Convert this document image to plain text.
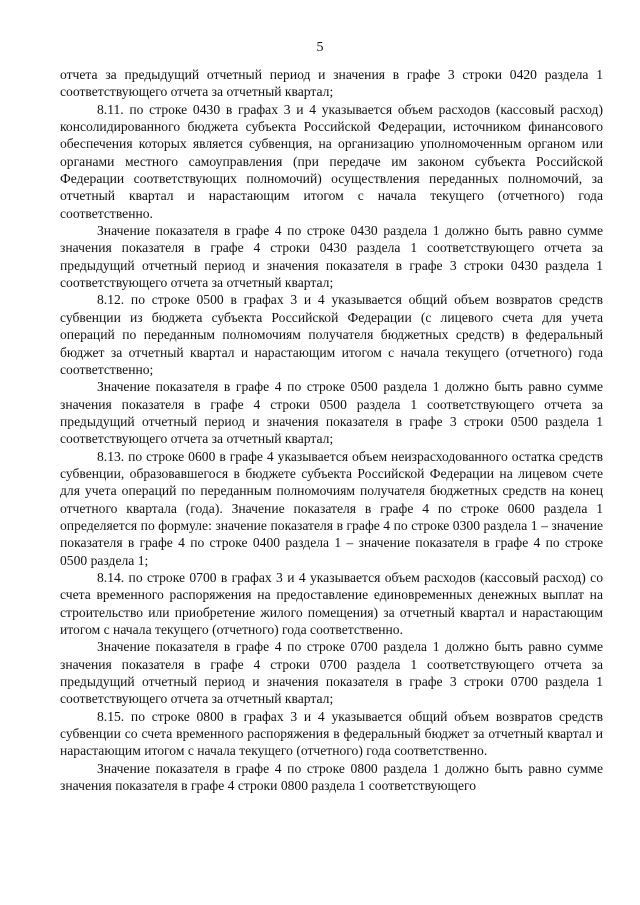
5

отчета за предыдущий отчетный период и значения в графе 3 строки 0420 раздела 1 соответствующего отчета за отчетный квартал;

8.11. по строке 0430 в графах 3 и 4 указывается объем расходов (кассовый расход) консолидированного бюджета субъекта Российской Федерации, источником финансового обеспечения которых является субвенция, на организацию уполномоченным органом или органами местного самоуправления (при передаче им законом субъекта Российской Федерации соответствующих полномочий) осуществления переданных полномочий, за отчетный квартал и нарастающим итогом с начала текущего (отчетного) года соответственно.

Значение показателя в графе 4 по строке 0430 раздела 1 должно быть равно сумме значения показателя в графе 4 строки 0430 раздела 1 соответствующего отчета за предыдущий отчетный период и значения показателя в графе 3 строки 0430 раздела 1 соответствующего отчета за отчетный квартал;

8.12. по строке 0500 в графах 3 и 4 указывается общий объем возвратов средств субвенции из бюджета субъекта Российской Федерации (с лицевого счета для учета операций по переданным полномочиям получателя бюджетных средств) в федеральный бюджет за отчетный квартал и нарастающим итогом с начала текущего (отчетного) года соответственно;

Значение показателя в графе 4 по строке 0500 раздела 1 должно быть равно сумме значения показателя в графе 4 строки 0500 раздела 1 соответствующего отчета за предыдущий отчетный период и значения показателя в графе 3 строки 0500 раздела 1 соответствующего отчета за отчетный квартал;

8.13. по строке 0600 в графе 4 указывается объем неизрасходованного остатка средств субвенции, образовавшегося в бюджете субъекта Российской Федерации на лицевом счете для учета операций по переданным полномочиям получателя бюджетных средств на конец отчетного квартала (года). Значение показателя в графе 4 по строке 0600 раздела 1 определяется по формуле: значение показателя в графе 4 по строке 0300 раздела 1 – значение показателя в графе 4 по строке 0400 раздела 1 – значение показателя в графе 4 по строке 0500 раздела 1;

8.14. по строке 0700 в графах 3 и 4 указывается объем расходов (кассовый расход) со счета временного распоряжения на предоставление единовременных денежных выплат на строительство или приобретение жилого помещения) за отчетный квартал и нарастающим итогом с начала текущего (отчетного) года соответственно.

Значение показателя в графе 4 по строке 0700 раздела 1 должно быть равно сумме значения показателя в графе 4 строки 0700 раздела 1 соответствующего отчета за предыдущий отчетный период и значения показателя в графе 3 строки 0700 раздела 1 соответствующего отчета за отчетный квартал;

8.15. по строке 0800 в графах 3 и 4 указывается общий объем возвратов средств субвенции со счета временного распоряжения в федеральный бюджет за отчетный квартал и нарастающим итогом с начала текущего (отчетного) года соответственно.

Значение показателя в графе 4 по строке 0800 раздела 1 должно быть равно сумме значения показателя в графе 4 строки 0800 раздела 1 соответствующего
